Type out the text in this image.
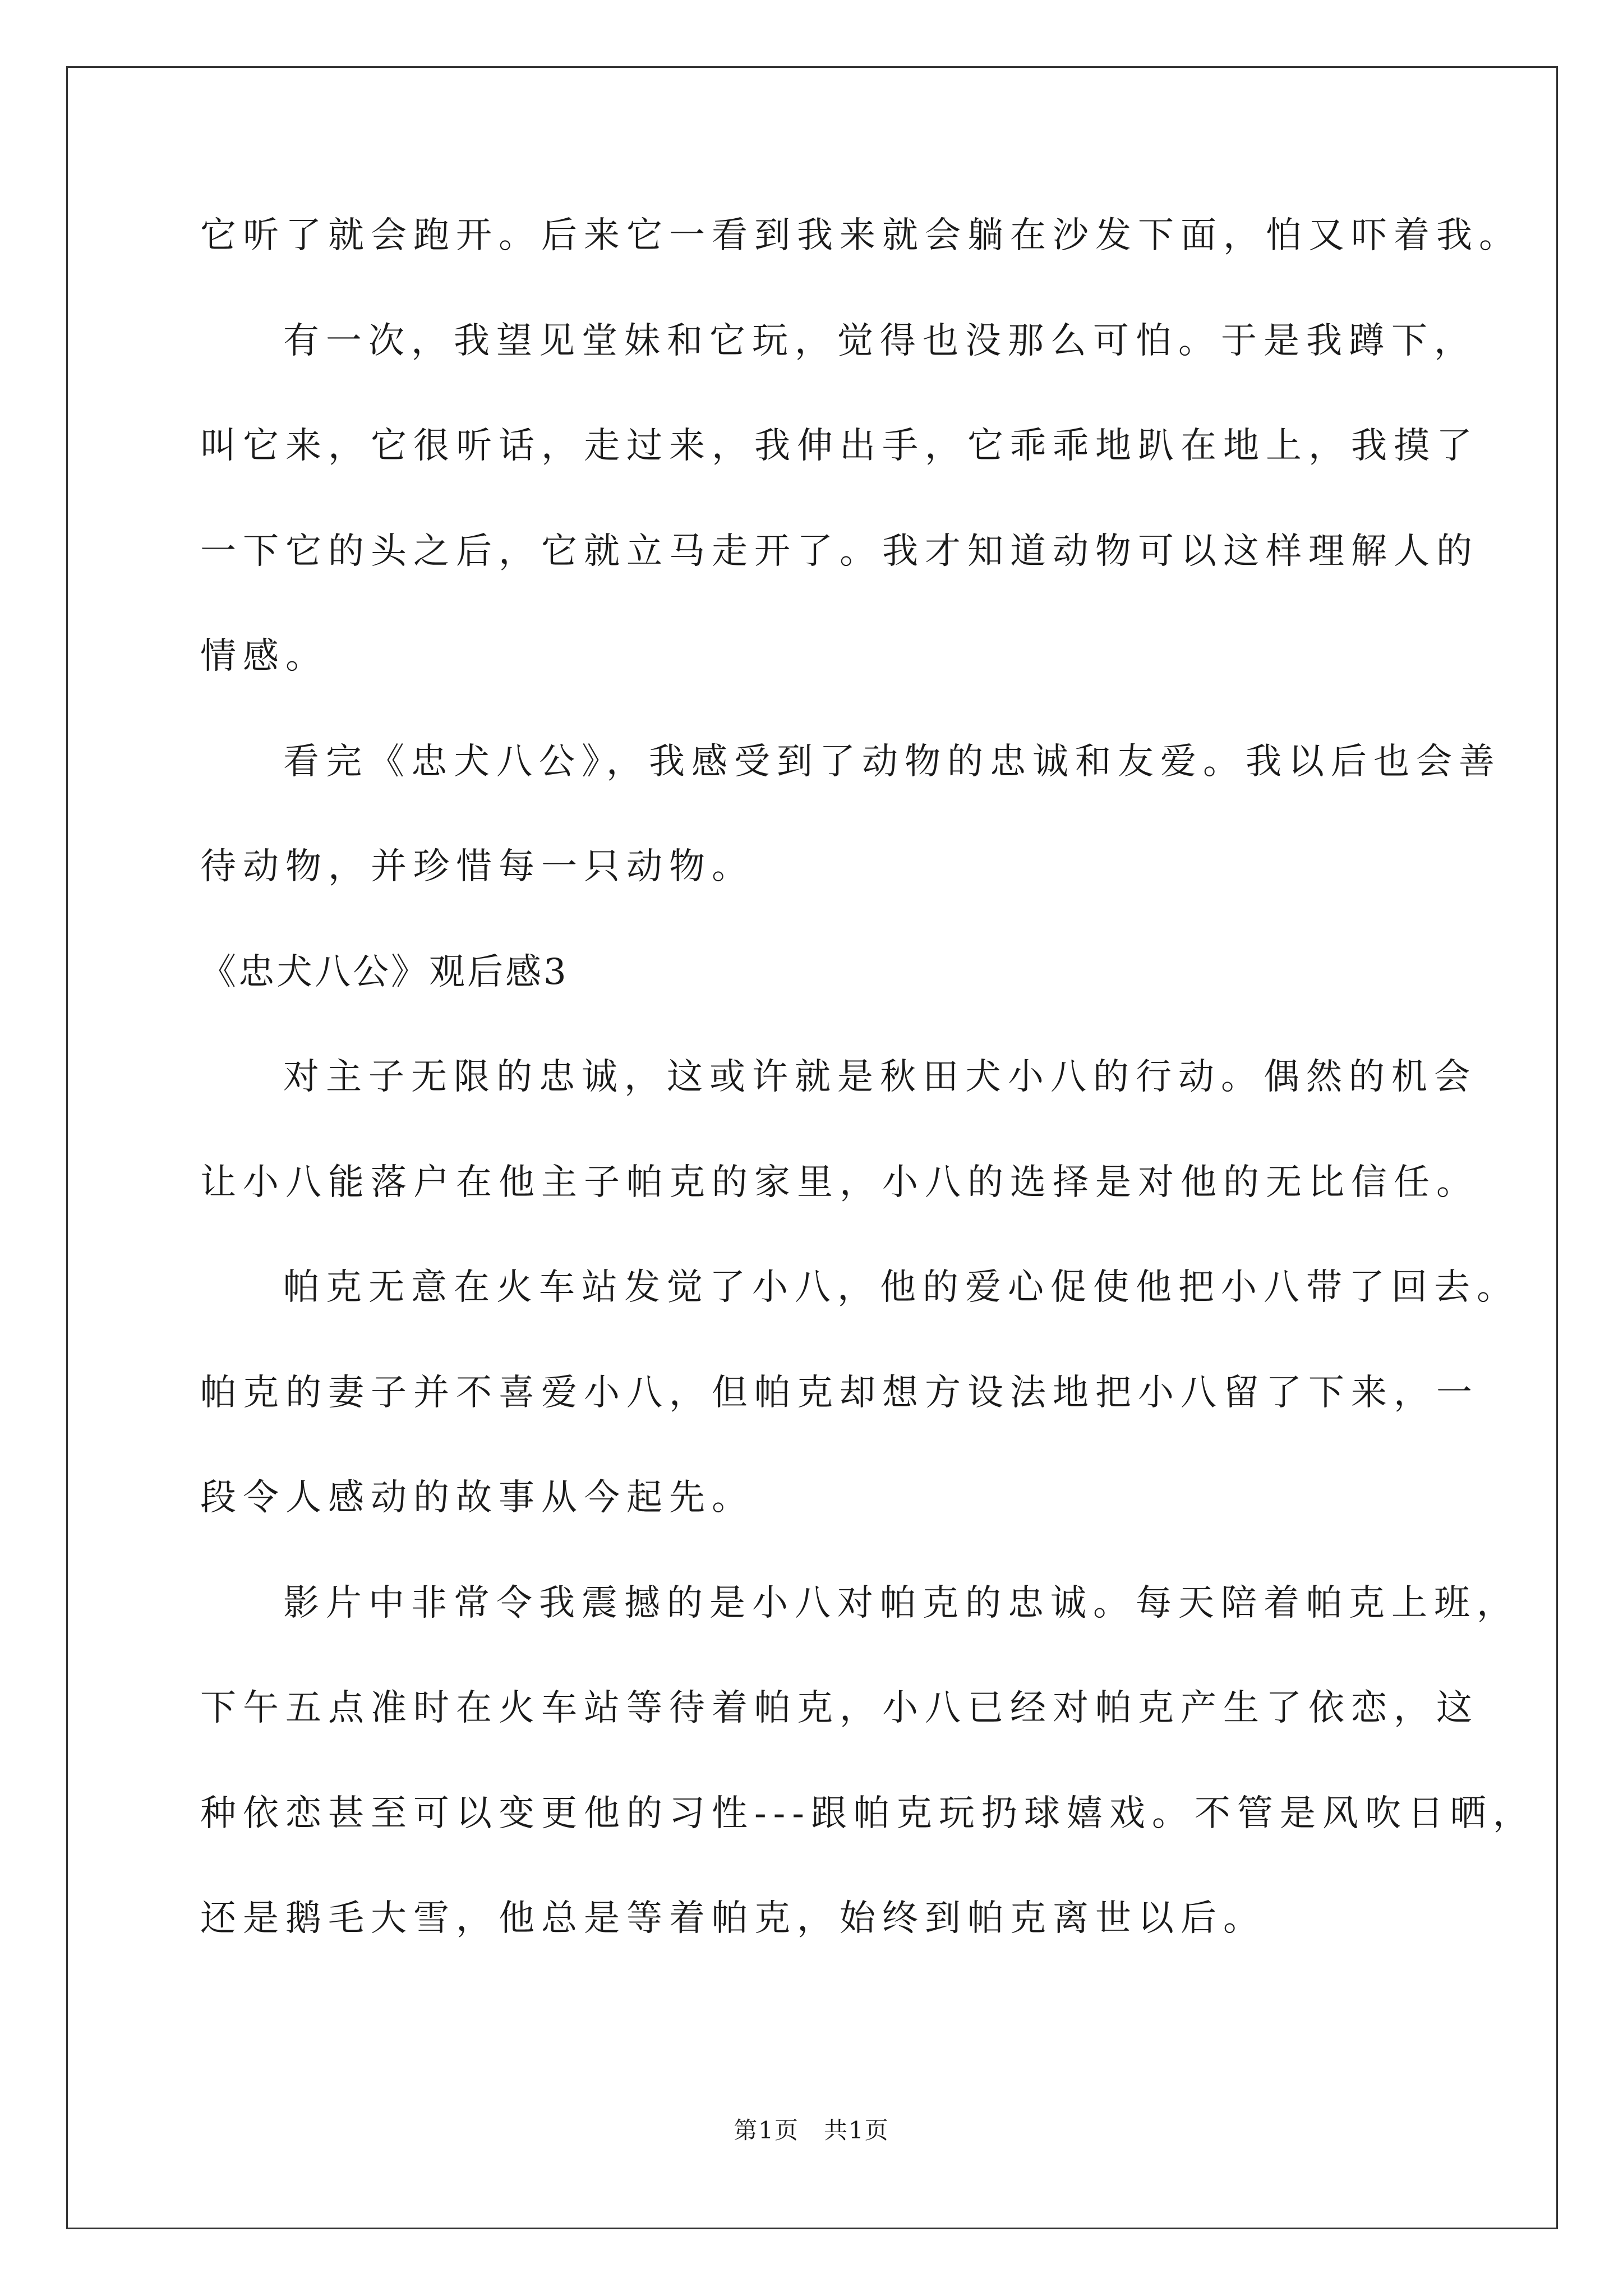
它听了就会跑开。后来它一看到我来就会躺在沙发下面，怕又吓着我。
有一次，我望见堂妹和它玩，觉得也没那么可怕。于是我蹲下，
叫它来，它很听话，走过来，我伸出手，它乖乖地趴在地上，我摸了
一下它的头之后，它就立马走开了。我才知道动物可以这样理解人的
情感。
看完《忠犬八公》，我感受到了动物的忠诚和友爱。我以后也会善
待动物，并珍惜每一只动物。
《忠犬八公》观后感3
对主子无限的忠诚，这或许就是秋田犬小八的行动。偶然的机会
让小八能落户在他主子帕克的家里，小八的选择是对他的无比信任。
帕克无意在火车站发觉了小八，他的爱心促使他把小八带了回去。
帕克的妻子并不喜爱小八，但帕克却想方设法地把小八留了下来，一
段令人感动的故事从今起先。
影片中非常令我震撼的是小八对帕克的忠诚。每天陪着帕克上班，
下午五点准时在火车站等待着帕克，小八已经对帕克产生了依恋，这
种依恋甚至可以变更他的习性---跟帕克玩扔球嬉戏。不管是风吹日晒，
还是鹅毛大雪，他总是等着帕克，始终到帕克离世以后。
第1页　共1页
